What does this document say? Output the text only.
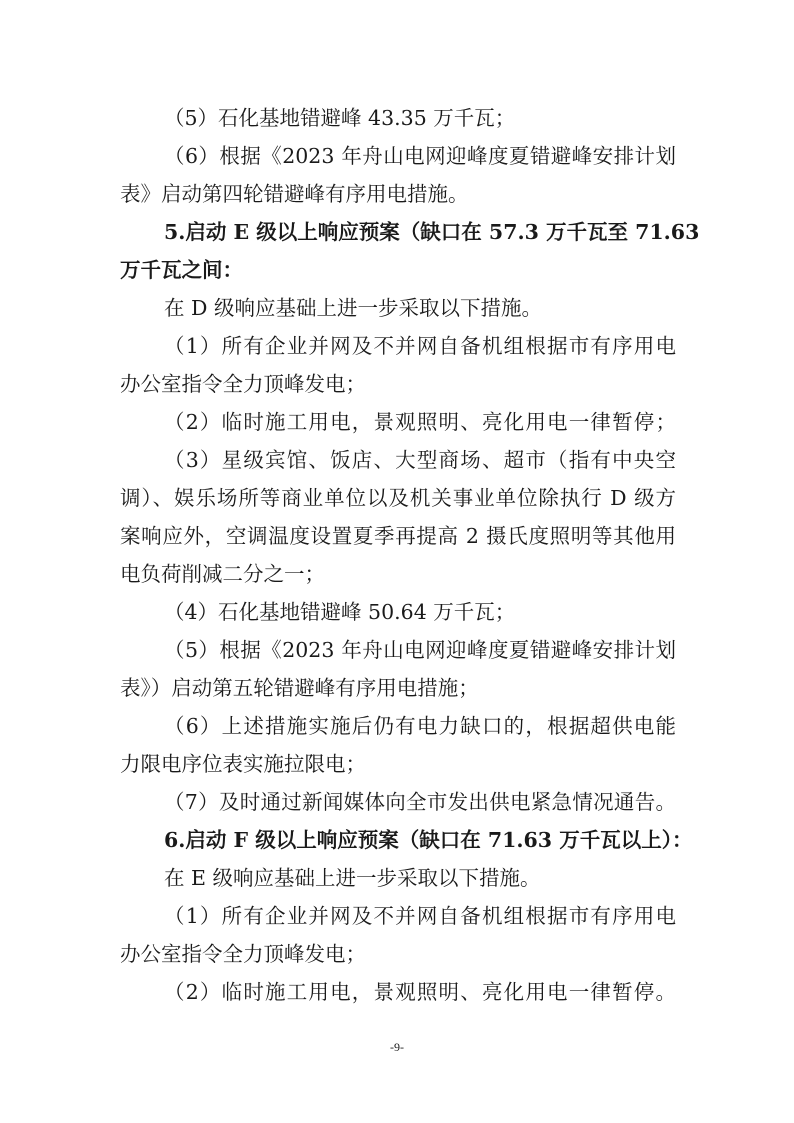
（5）石化基地错避峰 43.35 万千瓦；
（6）根据《2023 年舟山电网迎峰度夏错避峰安排计划
表》启动第四轮错避峰有序用电措施。
5.启动 E 级以上响应预案（缺口在 57.3 万千瓦至 71.63
万千瓦之间：
在 D 级响应基础上进一步采取以下措施。
（1）所有企业并网及不并网自备机组根据市有序用电
办公室指令全力顶峰发电；
（2）临时施工用电，景观照明、亮化用电一律暂停；
（3）星级宾馆、饭店、大型商场、超市（指有中央空
调）、娱乐场所等商业单位以及机关事业单位除执行 D 级方
案响应外，空调温度设置夏季再提高 2 摄氏度照明等其他用
电负荷削减二分之一；
（4）石化基地错避峰 50.64 万千瓦；
（5）根据《2023 年舟山电网迎峰度夏错避峰安排计划
表》）启动第五轮错避峰有序用电措施；
（6）上述措施实施后仍有电力缺口的，根据超供电能
力限电序位表实施拉限电；
（7）及时通过新闻媒体向全市发出供电紧急情况通告。
6.启动 F 级以上响应预案（缺口在 71.63 万千瓦以上）：
在 E 级响应基础上进一步采取以下措施。
（1）所有企业并网及不并网自备机组根据市有序用电
办公室指令全力顶峰发电；
（2）临时施工用电，景观照明、亮化用电一律暂停。
-9-
